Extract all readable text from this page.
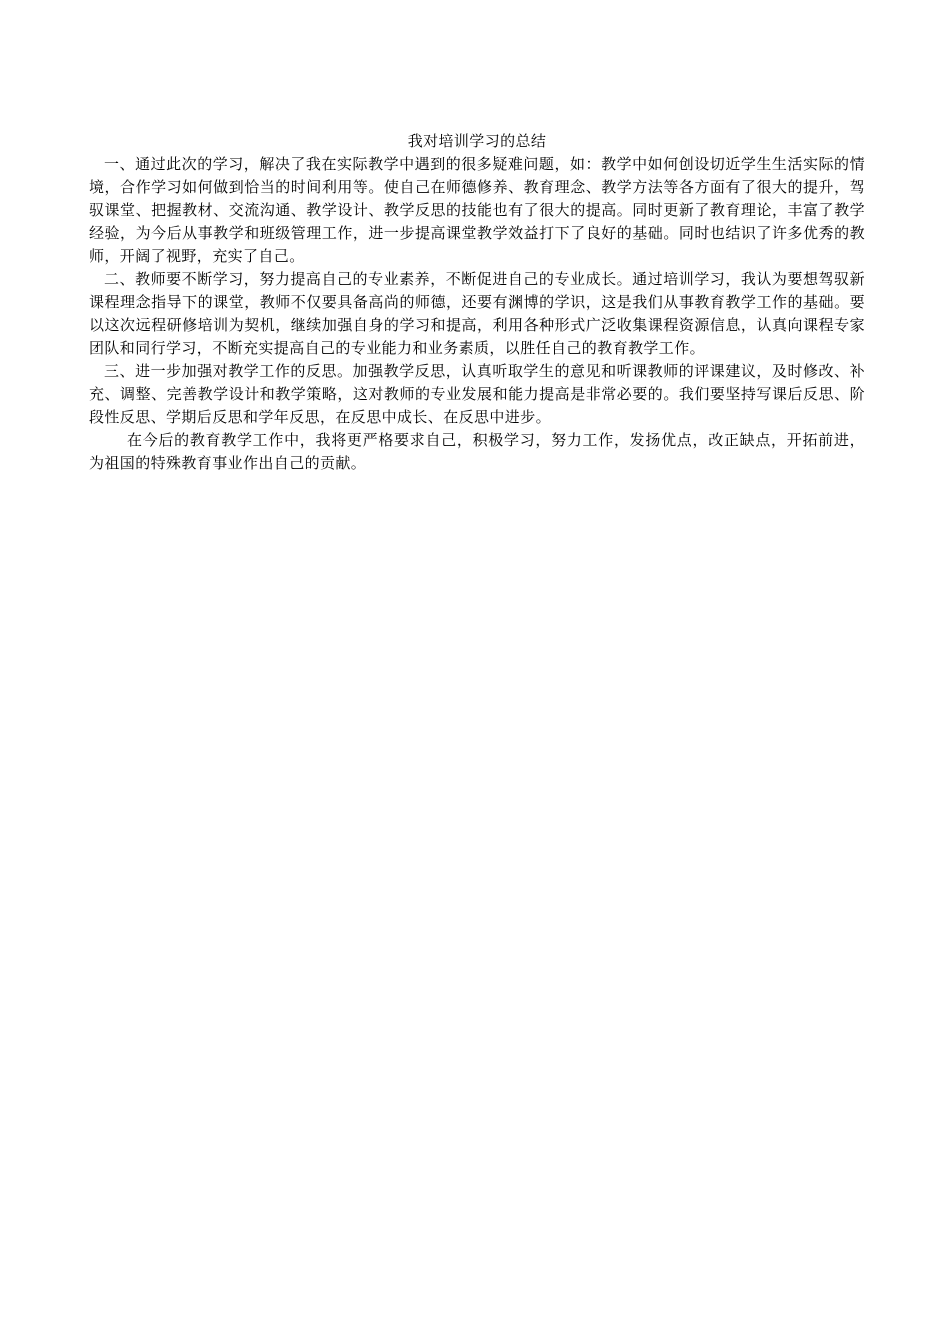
我对培训学习的总结

一、通过此次的学习，解决了我在实际教学中遇到的很多疑难问题，如：教学中如何创设切近学生生活实际的情境，合作学习如何做到恰当的时间利用等。使自己在师德修养、教育理念、教学方法等各方面有了很大的提升，驾驭课堂、把握教材、交流沟通、教学设计、教学反思的技能也有了很大的提高。同时更新了教育理论，丰富了教学经验，为今后从事教学和班级管理工作，进一步提高课堂教学效益打下了良好的基础。同时也结识了许多优秀的教师，开阔了视野，充实了自己。

二、教师要不断学习，努力提高自己的专业素养，不断促进自己的专业成长。通过培训学习，我认为要想驾驭新课程理念指导下的课堂，教师不仅要具备高尚的师德，还要有渊博的学识，这是我们从事教育教学工作的基础。要以这次远程研修培训为契机，继续加强自身的学习和提高，利用各种形式广泛收集课程资源信息，认真向课程专家团队和同行学习，不断充实提高自己的专业能力和业务素质，以胜任自己的教育教学工作。

三、进一步加强对教学工作的反思。加强教学反思，认真听取学生的意见和听课教师的评课建议，及时修改、补充、调整、完善教学设计和教学策略，这对教师的专业发展和能力提高是非常必要的。我们要坚持写课后反思、阶段性反思、学期后反思和学年反思，在反思中成长、在反思中进步。

在今后的教育教学工作中，我将更严格要求自己，积极学习，努力工作，发扬优点，改正缺点，开拓前进，为祖国的特殊教育事业作出自己的贡献。
